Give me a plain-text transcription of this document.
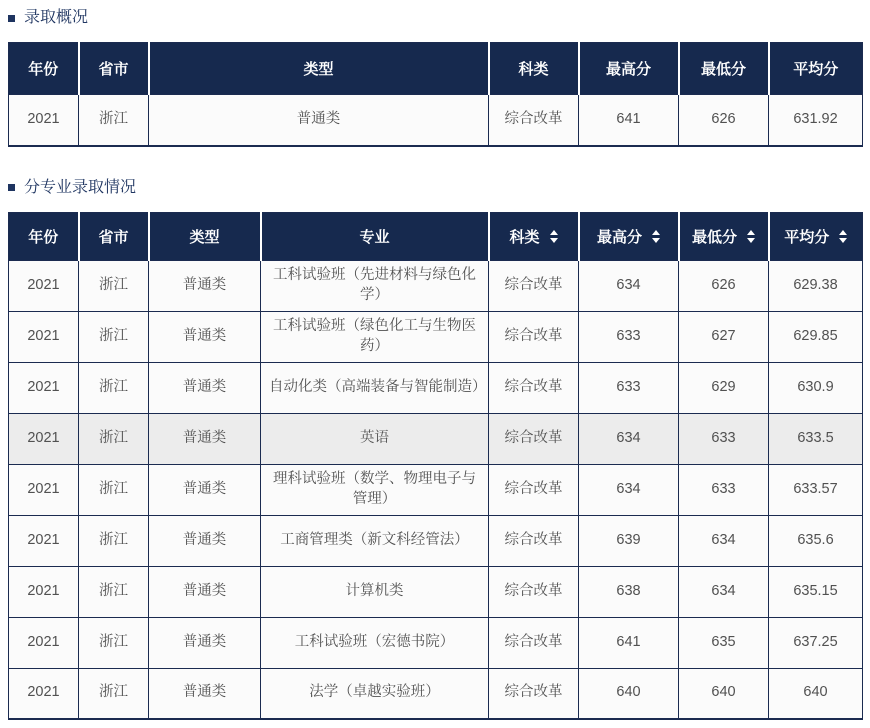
录取概况
年份	省市	类型	科类	最高分	最低分	平均分

2021	浙江	普通类	综合改革	641	626	631.92
分专业录取情况
年份	省市	类型	专业	科类	最高分	最低分	平均分

2021	浙江	普通类	工科试验班（先进材料与绿色化学）	综合改革	634	626	629.38
2021	浙江	普通类	工科试验班（绿色化工与生物医药）	综合改革	633	627	629.85
2021	浙江	普通类	自动化类（高端装备与智能制造）	综合改革	633	629	630.9
2021	浙江	普通类	英语	综合改革	634	633	633.5
2021	浙江	普通类	理科试验班（数学、物理电子与管理）	综合改革	634	633	633.57
2021	浙江	普通类	工商管理类（新文科经管法）	综合改革	639	634	635.6
2021	浙江	普通类	计算机类	综合改革	638	634	635.15
2021	浙江	普通类	工科试验班（宏德书院）	综合改革	641	635	637.25
2021	浙江	普通类	法学（卓越实验班）	综合改革	640	640	640
